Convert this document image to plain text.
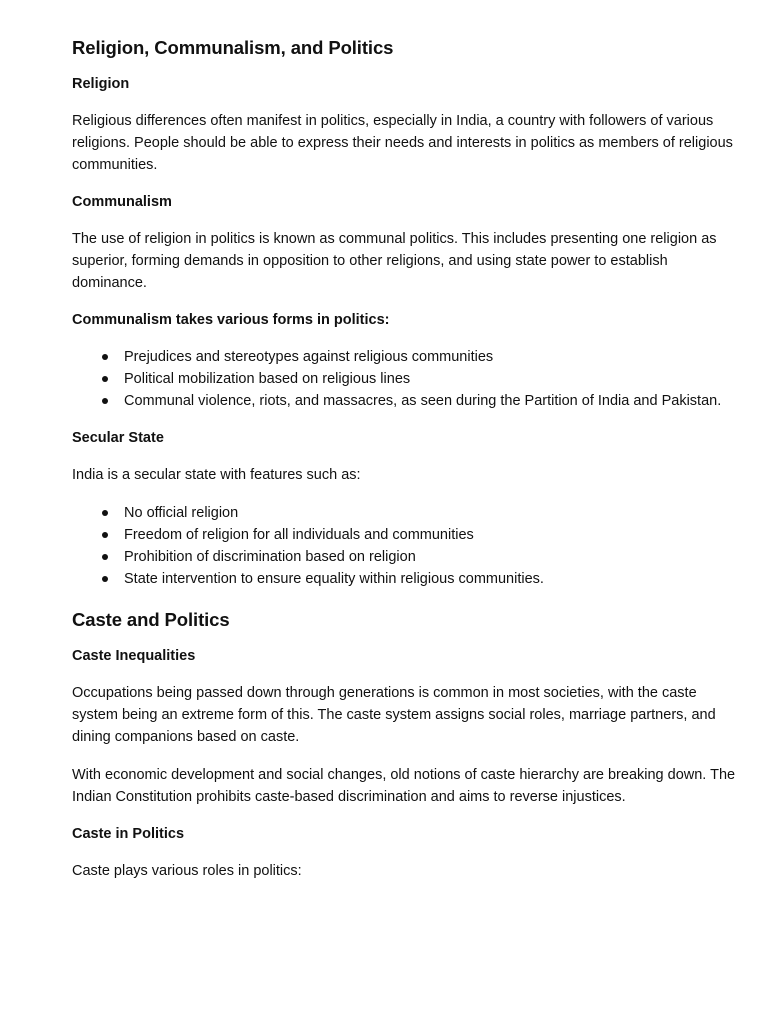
Religion, Communalism, and Politics
Religion

Religious differences often manifest in politics, especially in India, a country with followers of various religions. People should be able to express their needs and interests in politics as members of religious communities.

Communalism

The use of religion in politics is known as communal politics. This includes presenting one religion as superior, forming demands in opposition to other religions, and using state power to establish dominance.

Communalism takes various forms in politics:
Prejudices and stereotypes against religious communities
Political mobilization based on religious lines
Communal violence, riots, and massacres, as seen during the Partition of India and Pakistan.
Secular State

India is a secular state with features such as:

No official religion
Freedom of religion for all individuals and communities
Prohibition of discrimination based on religion
State intervention to ensure equality within religious communities.
Caste and Politics
Caste Inequalities

Occupations being passed down through generations is common in most societies, with the caste system being an extreme form of this. The caste system assigns social roles, marriage partners, and dining companions based on caste.

With economic development and social changes, old notions of caste hierarchy are breaking down. The Indian Constitution prohibits caste-based discrimination and aims to reverse injustices.

Caste in Politics

Caste plays various roles in politics:
